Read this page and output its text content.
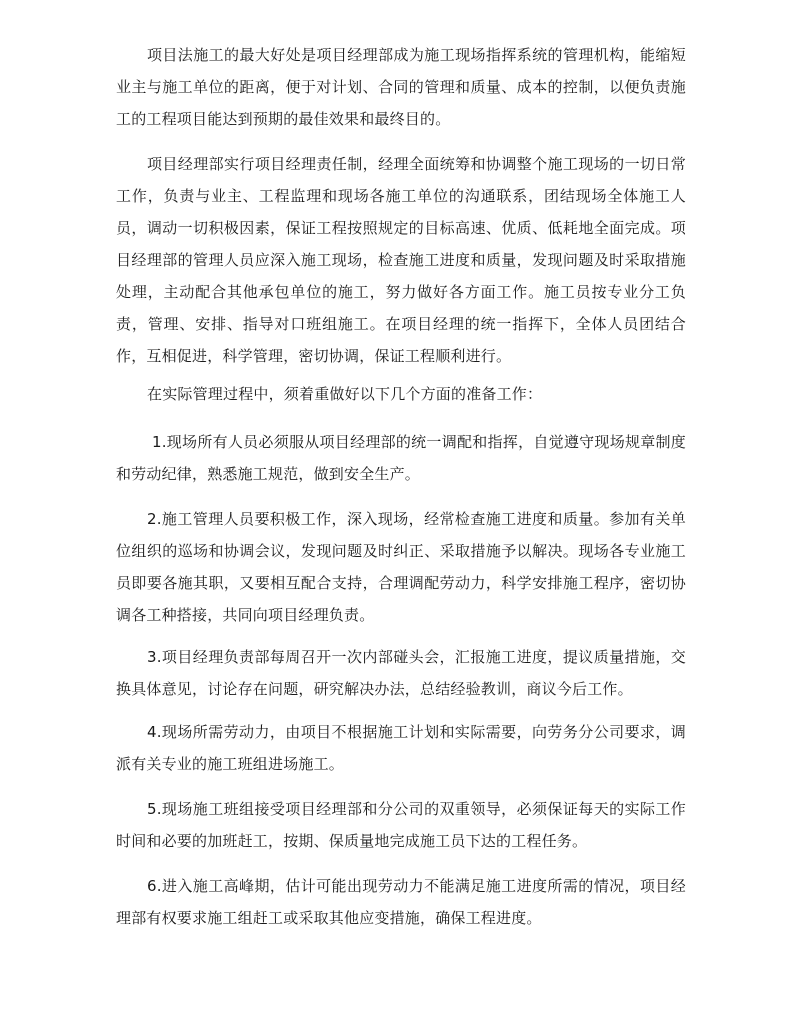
项目法施工的最大好处是项目经理部成为施工现场指挥系统的管理机构，能缩短业主与施工单位的距离，便于对计划、合同的管理和质量、成本的控制，以便负责施工的工程项目能达到预期的最佳效果和最终目的。

项目经理部实行项目经理责任制，经理全面统筹和协调整个施工现场的一切日常工作，负责与业主、工程监理和现场各施工单位的沟通联系，团结现场全体施工人员，调动一切积极因素，保证工程按照规定的目标高速、优质、低耗地全面完成。项目经理部的管理人员应深入施工现场，检查施工进度和质量，发现问题及时采取措施处理，主动配合其他承包单位的施工，努力做好各方面工作。施工员按专业分工负责，管理、安排、指导对口班组施工。在项目经理的统一指挥下，全体人员团结合作，互相促进，科学管理，密切协调，保证工程顺利进行。

在实际管理过程中，须着重做好以下几个方面的准备工作：

1.现场所有人员必须服从项目经理部的统一调配和指挥，自觉遵守现场规章制度和劳动纪律，熟悉施工规范，做到安全生产。

2.施工管理人员要积极工作，深入现场，经常检查施工进度和质量。参加有关单位组织的巡场和协调会议，发现问题及时纠正、采取措施予以解决。现场各专业施工员即要各施其职，又要相互配合支持，合理调配劳动力，科学安排施工程序，密切协调各工种搭接，共同向项目经理负责。

3.项目经理负责部每周召开一次内部碰头会，汇报施工进度，提议质量措施，交换具体意见，讨论存在问题，研究解决办法，总结经验教训，商议今后工作。

4.现场所需劳动力，由项目不根据施工计划和实际需要，向劳务分公司要求，调派有关专业的施工班组进场施工。

5.现场施工班组接受项目经理部和分公司的双重领导，必须保证每天的实际工作时间和必要的加班赶工，按期、保质量地完成施工员下达的工程任务。

6.进入施工高峰期，估计可能出现劳动力不能满足施工进度所需的情况，项目经理部有权要求施工组赶工或采取其他应变措施，确保工程进度。
